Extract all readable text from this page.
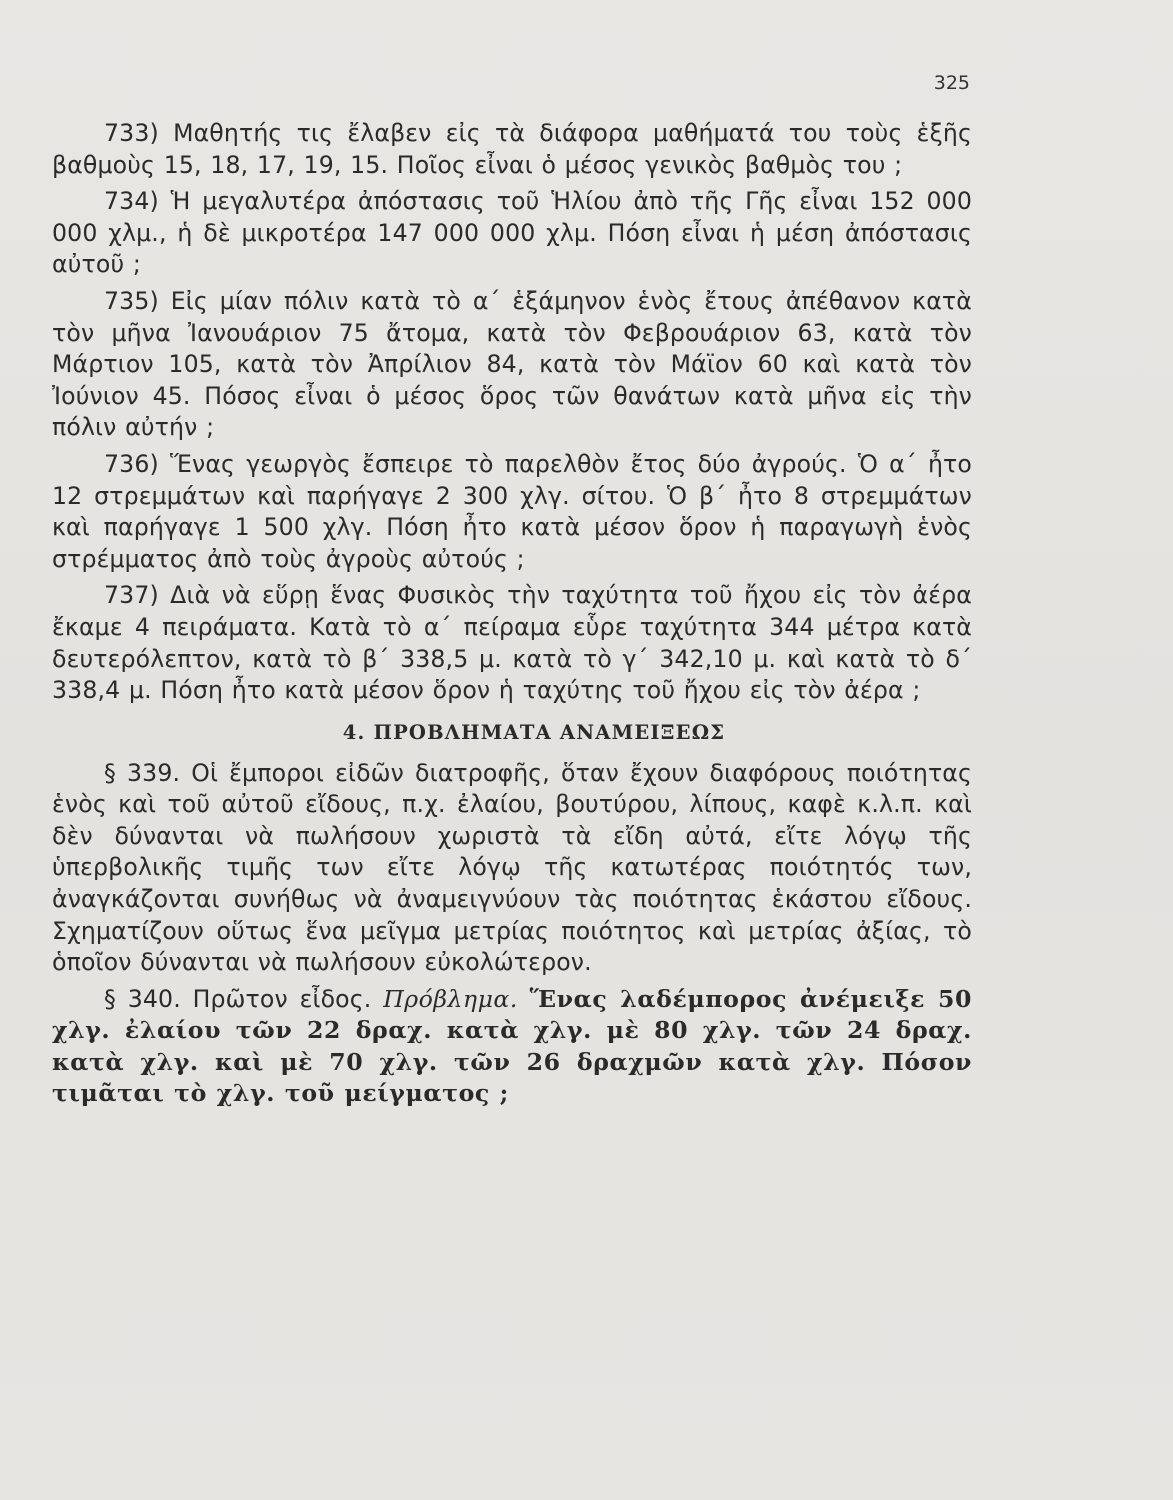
325

733) Μαθητής τις ἔλαβεν εἰς τὰ διάφορα μαθήματά του τοὺς ἑξῆς βαθμοὺς 15, 18, 17, 19, 15. Ποῖος εἶναι ὁ μέσος γενικὸς βαθμὸς του ;

734) Ἡ μεγαλυτέρα ἀπόστασις τοῦ Ἡλίου ἀπὸ τῆς Γῆς εἶναι 152 000 000 χλμ., ἡ δὲ μικροτέρα 147 000 000 χλμ. Πόση εἶναι ἡ μέση ἀπόστασις αὐτοῦ ;

735) Εἰς μίαν πόλιν κατὰ τὸ α΄ ἑξάμηνον ἑνὸς ἔτους ἀπέθανον κατὰ τὸν μῆνα Ἰανουάριον 75 ἄτομα, κατὰ τὸν Φεβρουάριον 63, κατὰ τὸν Μάρτιον 105, κατὰ τὸν Ἀπρίλιον 84, κατὰ τὸν Μάϊον 60 καὶ κατὰ τὸν Ἰούνιον 45. Πόσος εἶναι ὁ μέσος ὅρος τῶν θανάτων κατὰ μῆνα εἰς τὴν πόλιν αὐτήν ;

736) Ἕνας γεωργὸς ἔσπειρε τὸ παρελθὸν ἔτος δύο ἀγρούς. Ὁ α΄ ἦτο 12 στρεμμάτων καὶ παρήγαγε 2 300 χλγ. σίτου. Ὁ β΄ ἦτο 8 στρεμμάτων καὶ παρήγαγε 1 500 χλγ. Πόση ἦτο κατὰ μέσον ὅρον ἡ παραγωγὴ ἑνὸς στρέμματος ἀπὸ τοὺς ἀγροὺς αὐτούς ;

737) Διὰ νὰ εὕρῃ ἕνας Φυσικὸς τὴν ταχύτητα τοῦ ἤχου εἰς τὸν ἀέρα ἔκαμε 4 πειράματα. Κατὰ τὸ α΄ πείραμα εὗρε ταχύτητα 344 μέτρα κατὰ δευτερόλεπτον, κατὰ τὸ β΄ 338,5 μ. κατὰ τὸ γ΄ 342,10 μ. καὶ κατὰ τὸ δ΄ 338,4 μ. Πόση ἦτο κατὰ μέσον ὅρον ἡ ταχύτης τοῦ ἤχου εἰς τὸν ἀέρα ;

4. ΠΡΟΒΛΗΜΑΤΑ ΑΝΑΜΕΙΞΕΩΣ

§ 339. Οἱ ἔμποροι εἰδῶν διατροφῆς, ὅταν ἔχουν διαφόρους ποιότητας ἑνὸς καὶ τοῦ αὐτοῦ εἴδους, π.χ. ἐλαίου, βουτύρου, λίπους, καφὲ κ.λ.π. καὶ δὲν δύνανται νὰ πωλήσουν χωριστὰ τὰ εἴδη αὐτά, εἴτε λόγῳ τῆς ὑπερβολικῆς τιμῆς των εἴτε λόγῳ τῆς κατωτέρας ποιότητός των, ἀναγκάζονται συνήθως νὰ ἀναμειγνύουν τὰς ποιότητας ἑκάστου εἴδους. Σχηματίζουν οὕτως ἕνα μεῖγμα μετρίας ποιότητος καὶ μετρίας ἀξίας, τὸ ὁποῖον δύνανται νὰ πωλήσουν εὐκολώτερον.

§ 340. Πρῶτον εἶδος. Πρόβλημα. Ἕνας λαδέμπορος ἀνέμειξε 50 χλγ. ἐλαίου τῶν 22 δραχ. κατὰ χλγ. μὲ 80 χλγ. τῶν 24 δραχ. κατὰ χλγ. καὶ μὲ 70 χλγ. τῶν 26 δραχμῶν κατὰ χλγ. Πόσον τιμᾶται τὸ χλγ. τοῦ μείγματος ;
